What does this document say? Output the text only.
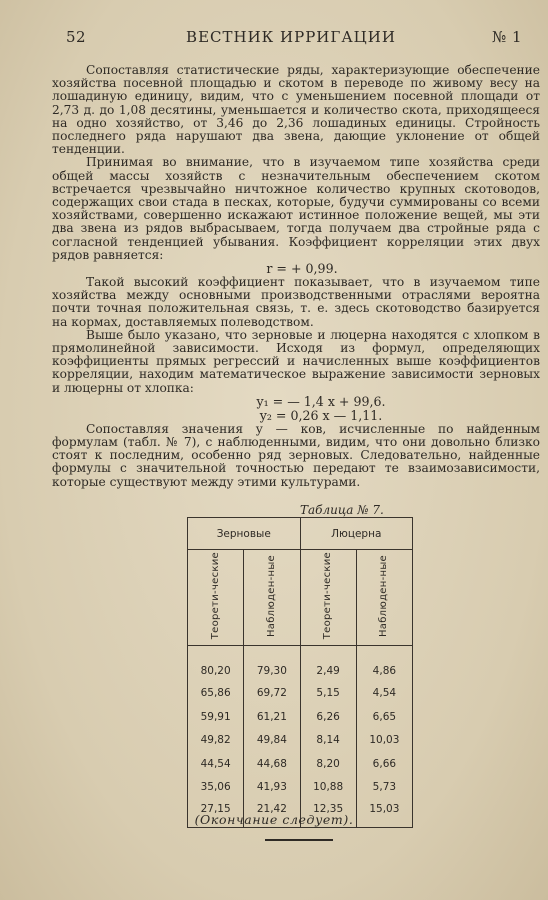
52	ВЕСТНИК ИРРИГАЦИИ	№ 1

Сопоставляя статистические ряды, характеризующие обеспечение хозяйства посевной площадью и скотом в переводе по живому весу на лошадиную единицу, видим, что с уменьшением посевной площади от 2,73 д. до 1,08 десятины, уменьшается и количество скота, приходящееся на одно хозяйство, от 3,46 до 2,36 лошадиных единицы. Стройность последнего ряда нарушают два звена, дающие уклонение от общей тенденции.

Принимая во внимание, что в изучаемом типе хозяйства среди общей массы хозяйств с незначительным обеспечением скотом встречается чрезвычайно ничтожное количество крупных скотоводов, содержащих свои стада в песках, которые, будучи суммированы со всеми хозяйствами, совершенно искажают истинное положение вещей, мы эти два звена из рядов выбрасываем, тогда получаем два стройные ряда с согласной тенденцией убывания. Коэффициент корреляции этих двух рядов равняется:

r = + 0,99.

Такой высокий коэффициент показывает, что в изучаемом типе хозяйства между основными производственными отраслями вероятна почти точная положительная связь, т. е. здесь скотоводство базируется на кормах, доставляемых полеводством.

Выше было указано, что зерновые и люцерна находятся с хлопком в прямолинейной зависимости. Исходя из формул, определяющих коэффициенты прямых регрессий и начисленных выше коэффициентов корреляции, находим математическое выражение зависимости зерновых и люцерны от хлопка:

y₁ = — 1,4 x + 99,6.
y₂ = 0,26 x — 1,11.

Сопоставляя значения y — ков, исчисленные по найденным формулам (табл. № 7), с наблюденными, видим, что они довольно близко стоят к последним, особенно ряд зерновых. Следовательно, найденные формулы с значительной точностью передают те взаимозависимости, которые существуют между этими культурами.

Таблица № 7.
Зерновые		Люцерна	
Теорети-ческие	Наблюден-ные	Теорети-ческие	Наблюден-ные
80,20	79,30	2,49	4,86
65,86	69,72	5,15	4,54
59,91	61,21	6,26	6,65
49,82	49,84	8,14	10,03
44,54	44,68	8,20	6,66
35,06	41,93	10,88	5,73
27,15	21,42	12,35	15,03
(Окончание следует).
